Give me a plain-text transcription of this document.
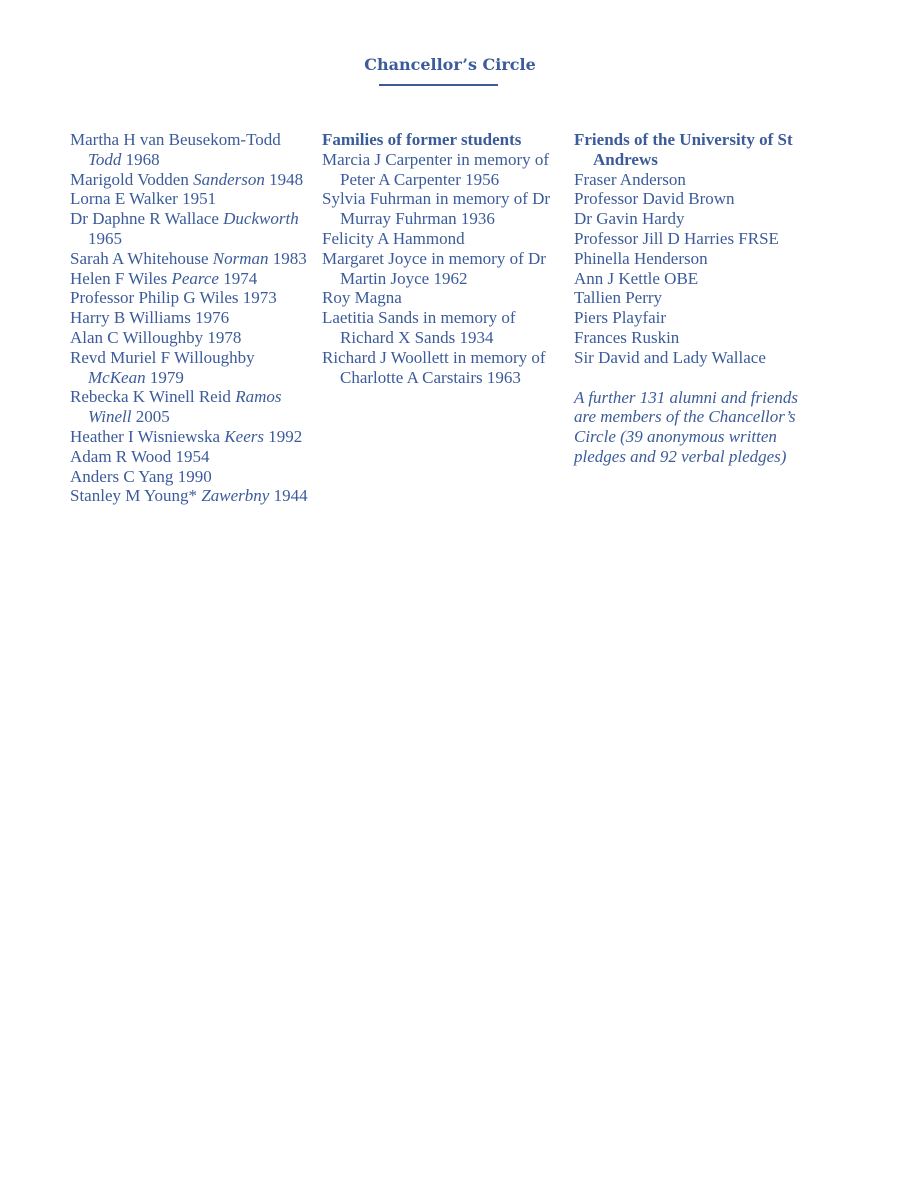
Chancellor’s Circle
Martha H van Beusekom-Todd Todd 1968
Marigold Vodden Sanderson 1948
Lorna E Walker 1951
Dr Daphne R Wallace Duckworth 1965
Sarah A Whitehouse Norman 1983
Helen F Wiles Pearce 1974
Professor Philip G Wiles 1973
Harry B Williams 1976
Alan C Willoughby 1978
Revd Muriel F Willoughby McKean 1979
Rebecka K Winell Reid Ramos Winell 2005
Heather I Wisniewska Keers 1992
Adam R Wood 1954
Anders C Yang 1990
Stanley M Young* Zawerbny 1944
Families of former students
Marcia J Carpenter in memory of Peter A Carpenter 1956
Sylvia Fuhrman in memory of Dr Murray Fuhrman 1936
Felicity A Hammond
Margaret Joyce in memory of Dr Martin Joyce 1962
Roy Magna
Laetitia Sands in memory of Richard X Sands 1934
Richard J Woollett in memory of Charlotte A Carstairs 1963
Friends of the University of St Andrews
Fraser Anderson
Professor David Brown
Dr Gavin Hardy
Professor Jill D Harries FRSE
Phinella Henderson
Ann J Kettle OBE
Tallien Perry
Piers Playfair
Frances Ruskin
Sir David and Lady Wallace
A further 131 alumni and friends are members of the Chancellor’s Circle (39 anonymous written pledges and 92 verbal pledges)
